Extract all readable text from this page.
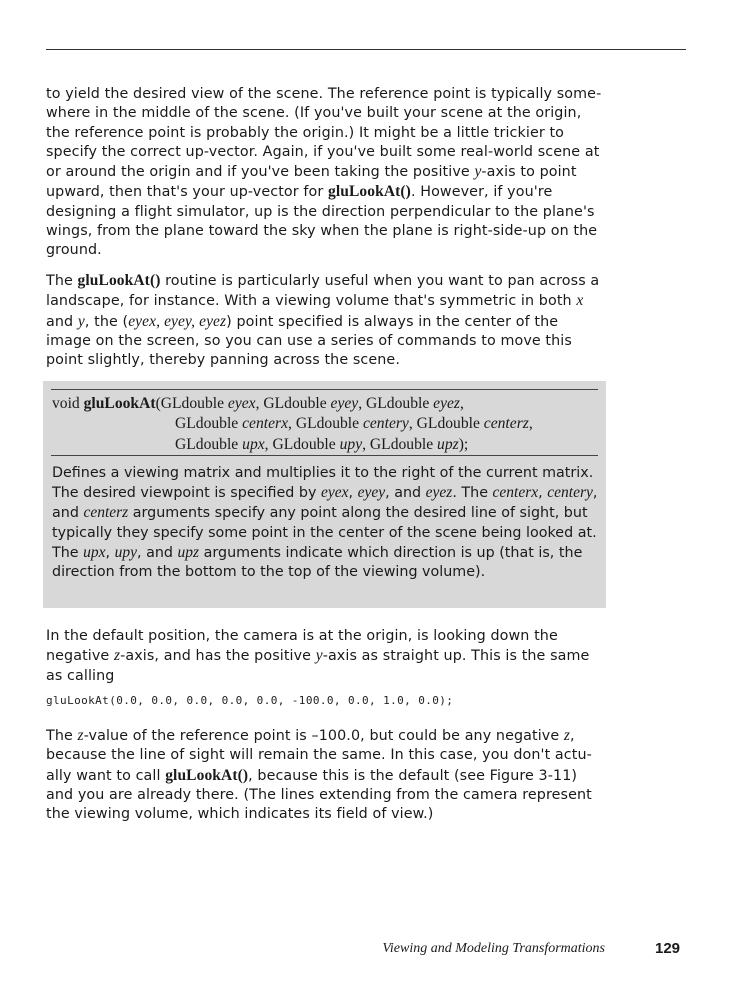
to yield the desired view of the scene. The reference point is typically some-where in the middle of the scene. (If you've built your scene at the origin, the reference point is probably the origin.) It might be a little trickier to specify the correct up-vector. Again, if you've built some real-world scene at or around the origin and if you've been taking the positive y-axis to point upward, then that's your up-vector for gluLookAt(). However, if you're designing a flight simulator, up is the direction perpendicular to the plane's wings, from the plane toward the sky when the plane is right-side-up on the ground.

The gluLookAt() routine is particularly useful when you want to pan across a landscape, for instance. With a viewing volume that's symmetric in both x and y, the (eyex, eyey, eyez) point specified is always in the center of the image on the screen, so you can use a series of commands to move this point slightly, thereby panning across the scene.

void gluLookAt(GLdouble eyex, GLdouble eyey, GLdouble eyez,
GLdouble centerx, GLdouble centery, GLdouble centerz,
GLdouble upx, GLdouble upy, GLdouble upz);
Defines a viewing matrix and multiplies it to the right of the current matrix. The desired viewpoint is specified by eyex, eyey, and eyez. The centerx, centery, and centerz arguments specify any point along the desired line of sight, but typically they specify some point in the center of the scene being looked at. The upx, upy, and upz arguments indicate which direction is up (that is, the direction from the bottom to the top of the viewing volume).

In the default position, the camera is at the origin, is looking down the negative z-axis, and has the positive y-axis as straight up. This is the same as calling

gluLookAt(0.0, 0.0, 0.0, 0.0, 0.0, -100.0, 0.0, 1.0, 0.0);

The z-value of the reference point is –100.0, but could be any negative z, because the line of sight will remain the same. In this case, you don't actu-ally want to call gluLookAt(), because this is the default (see Figure 3-11) and you are already there. (The lines extending from the camera represent the viewing volume, which indicates its field of view.)

Viewing and Modeling Transformations	129
